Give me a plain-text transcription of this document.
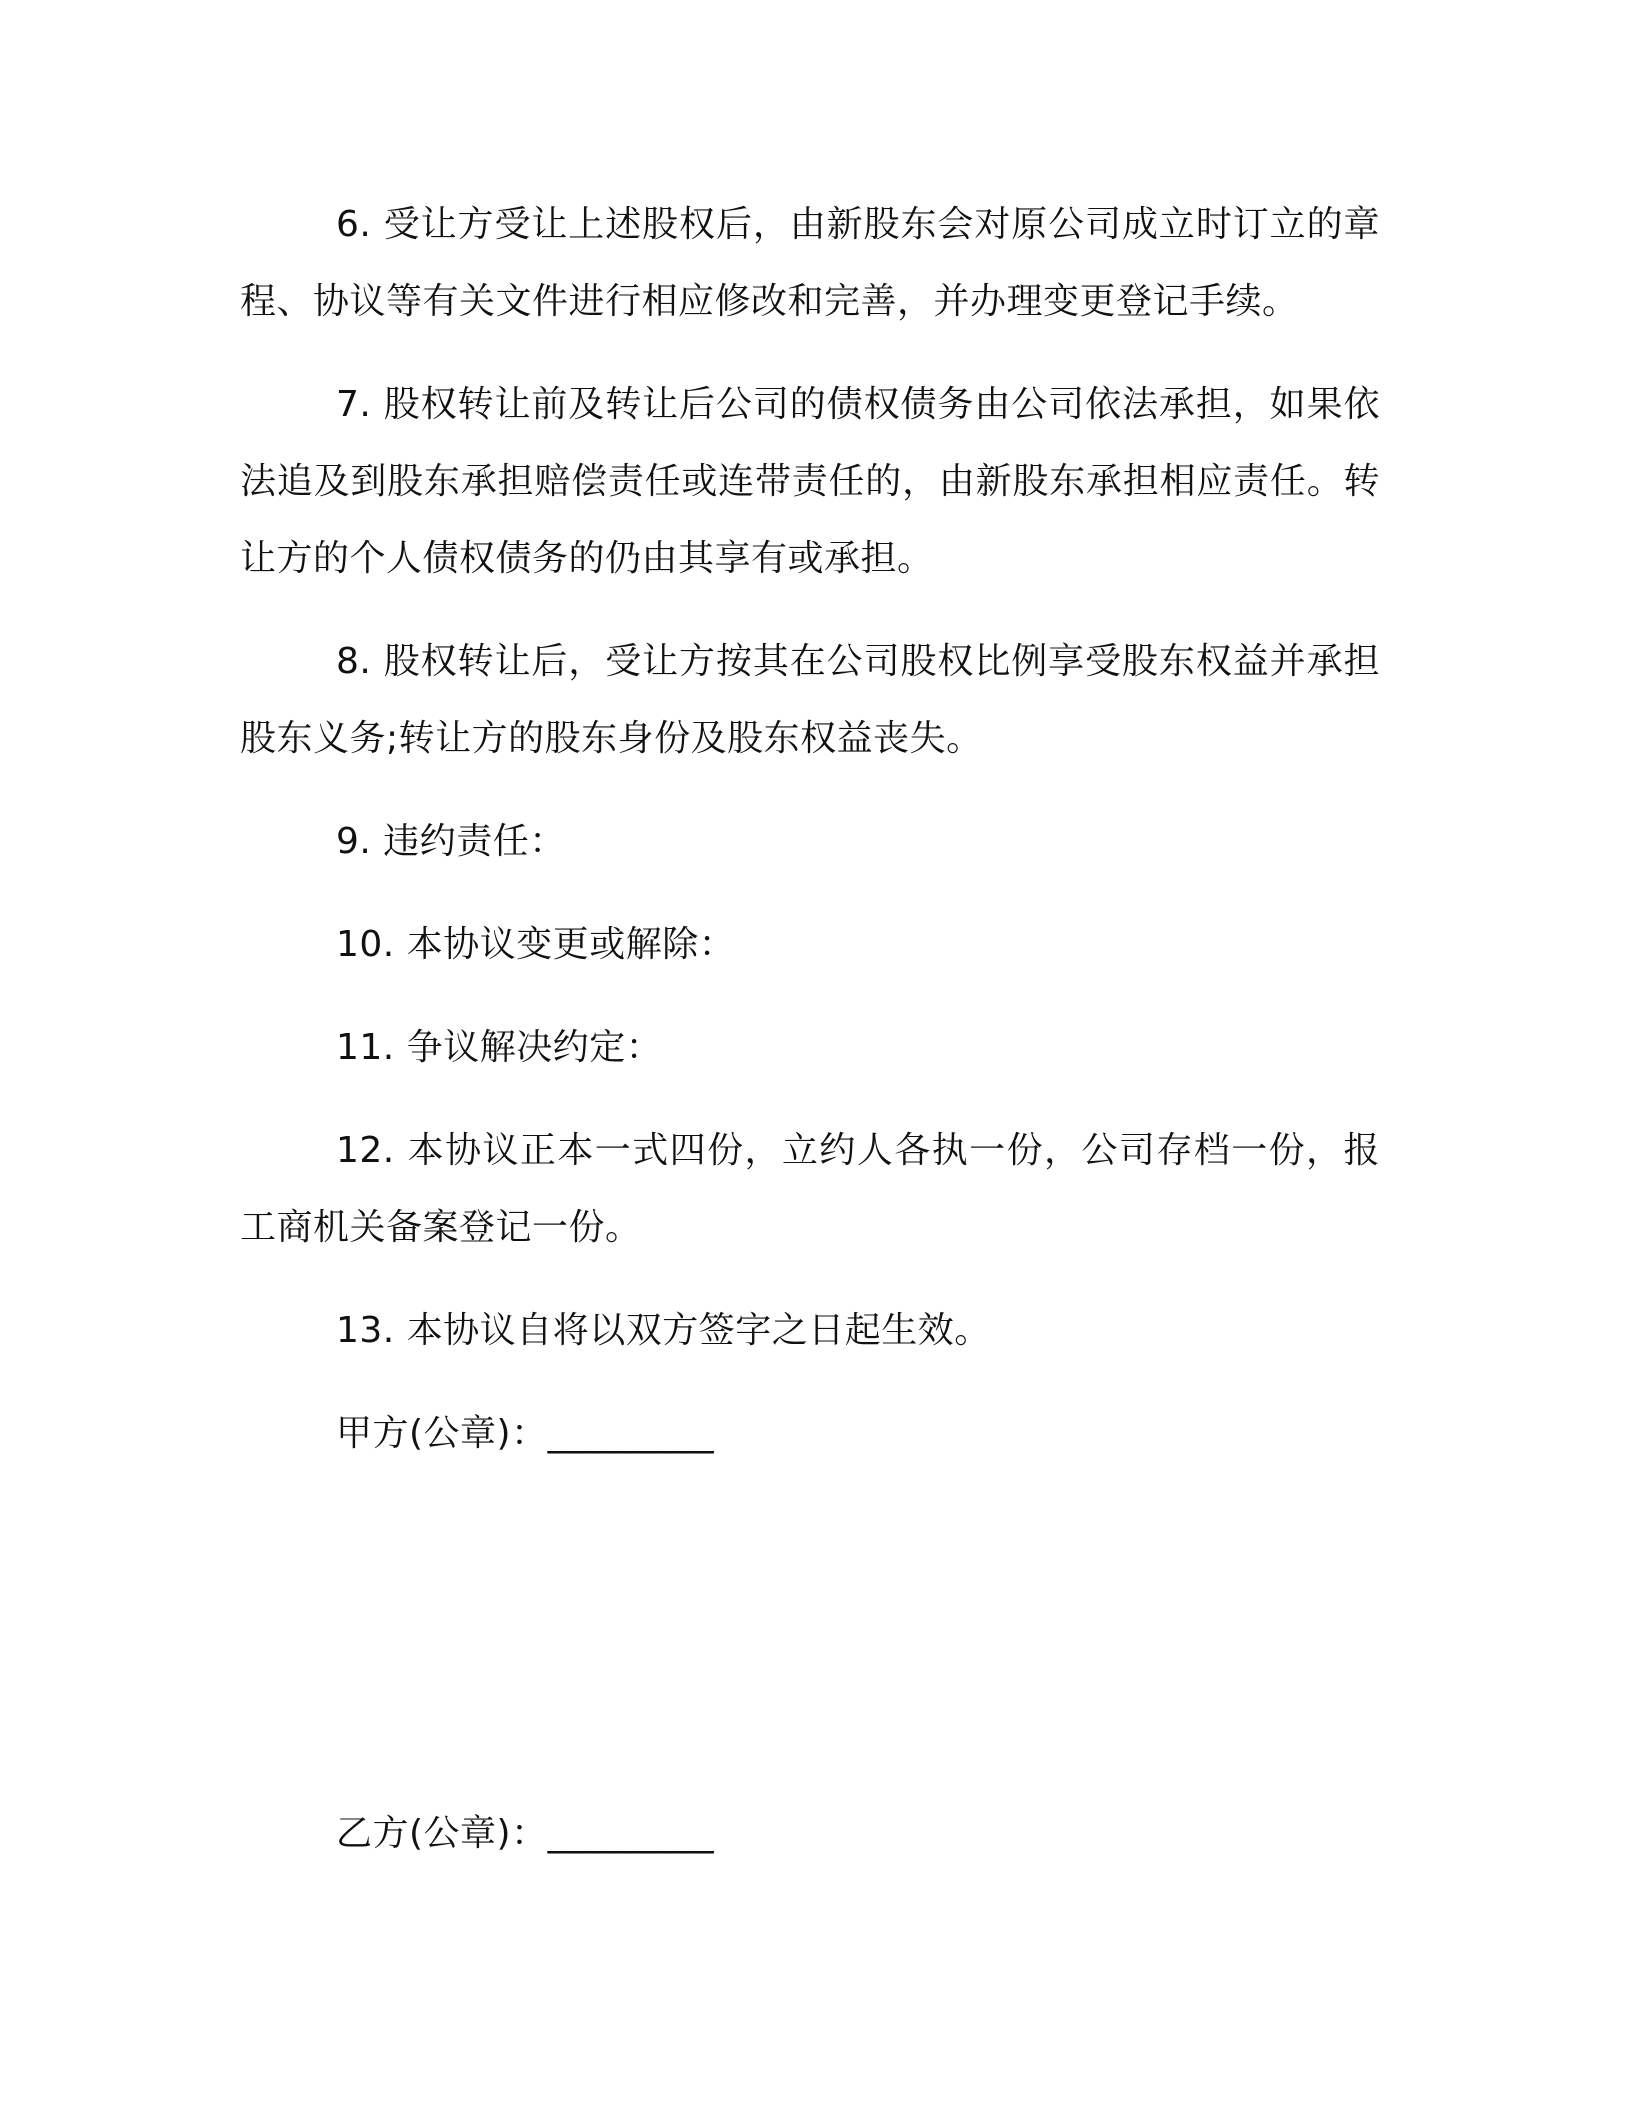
6. 受让方受让上述股权后，由新股东会对原公司成立时订立的章程、协议等有关文件进行相应修改和完善，并办理变更登记手续。

7. 股权转让前及转让后公司的债权债务由公司依法承担，如果依法追及到股东承担赔偿责任或连带责任的，由新股东承担相应责任。转让方的个人债权债务的仍由其享有或承担。

8. 股权转让后，受让方按其在公司股权比例享受股东权益并承担股东义务;转让方的股东身份及股东权益丧失。

9. 违约责任：

10. 本协议变更或解除：

11. 争议解决约定：

12. 本协议正本一式四份，立约人各执一份，公司存档一份，报工商机关备案登记一份。

13. 本协议自将以双方签字之日起生效。

甲方(公章)：_________
乙方(公章)：_________
